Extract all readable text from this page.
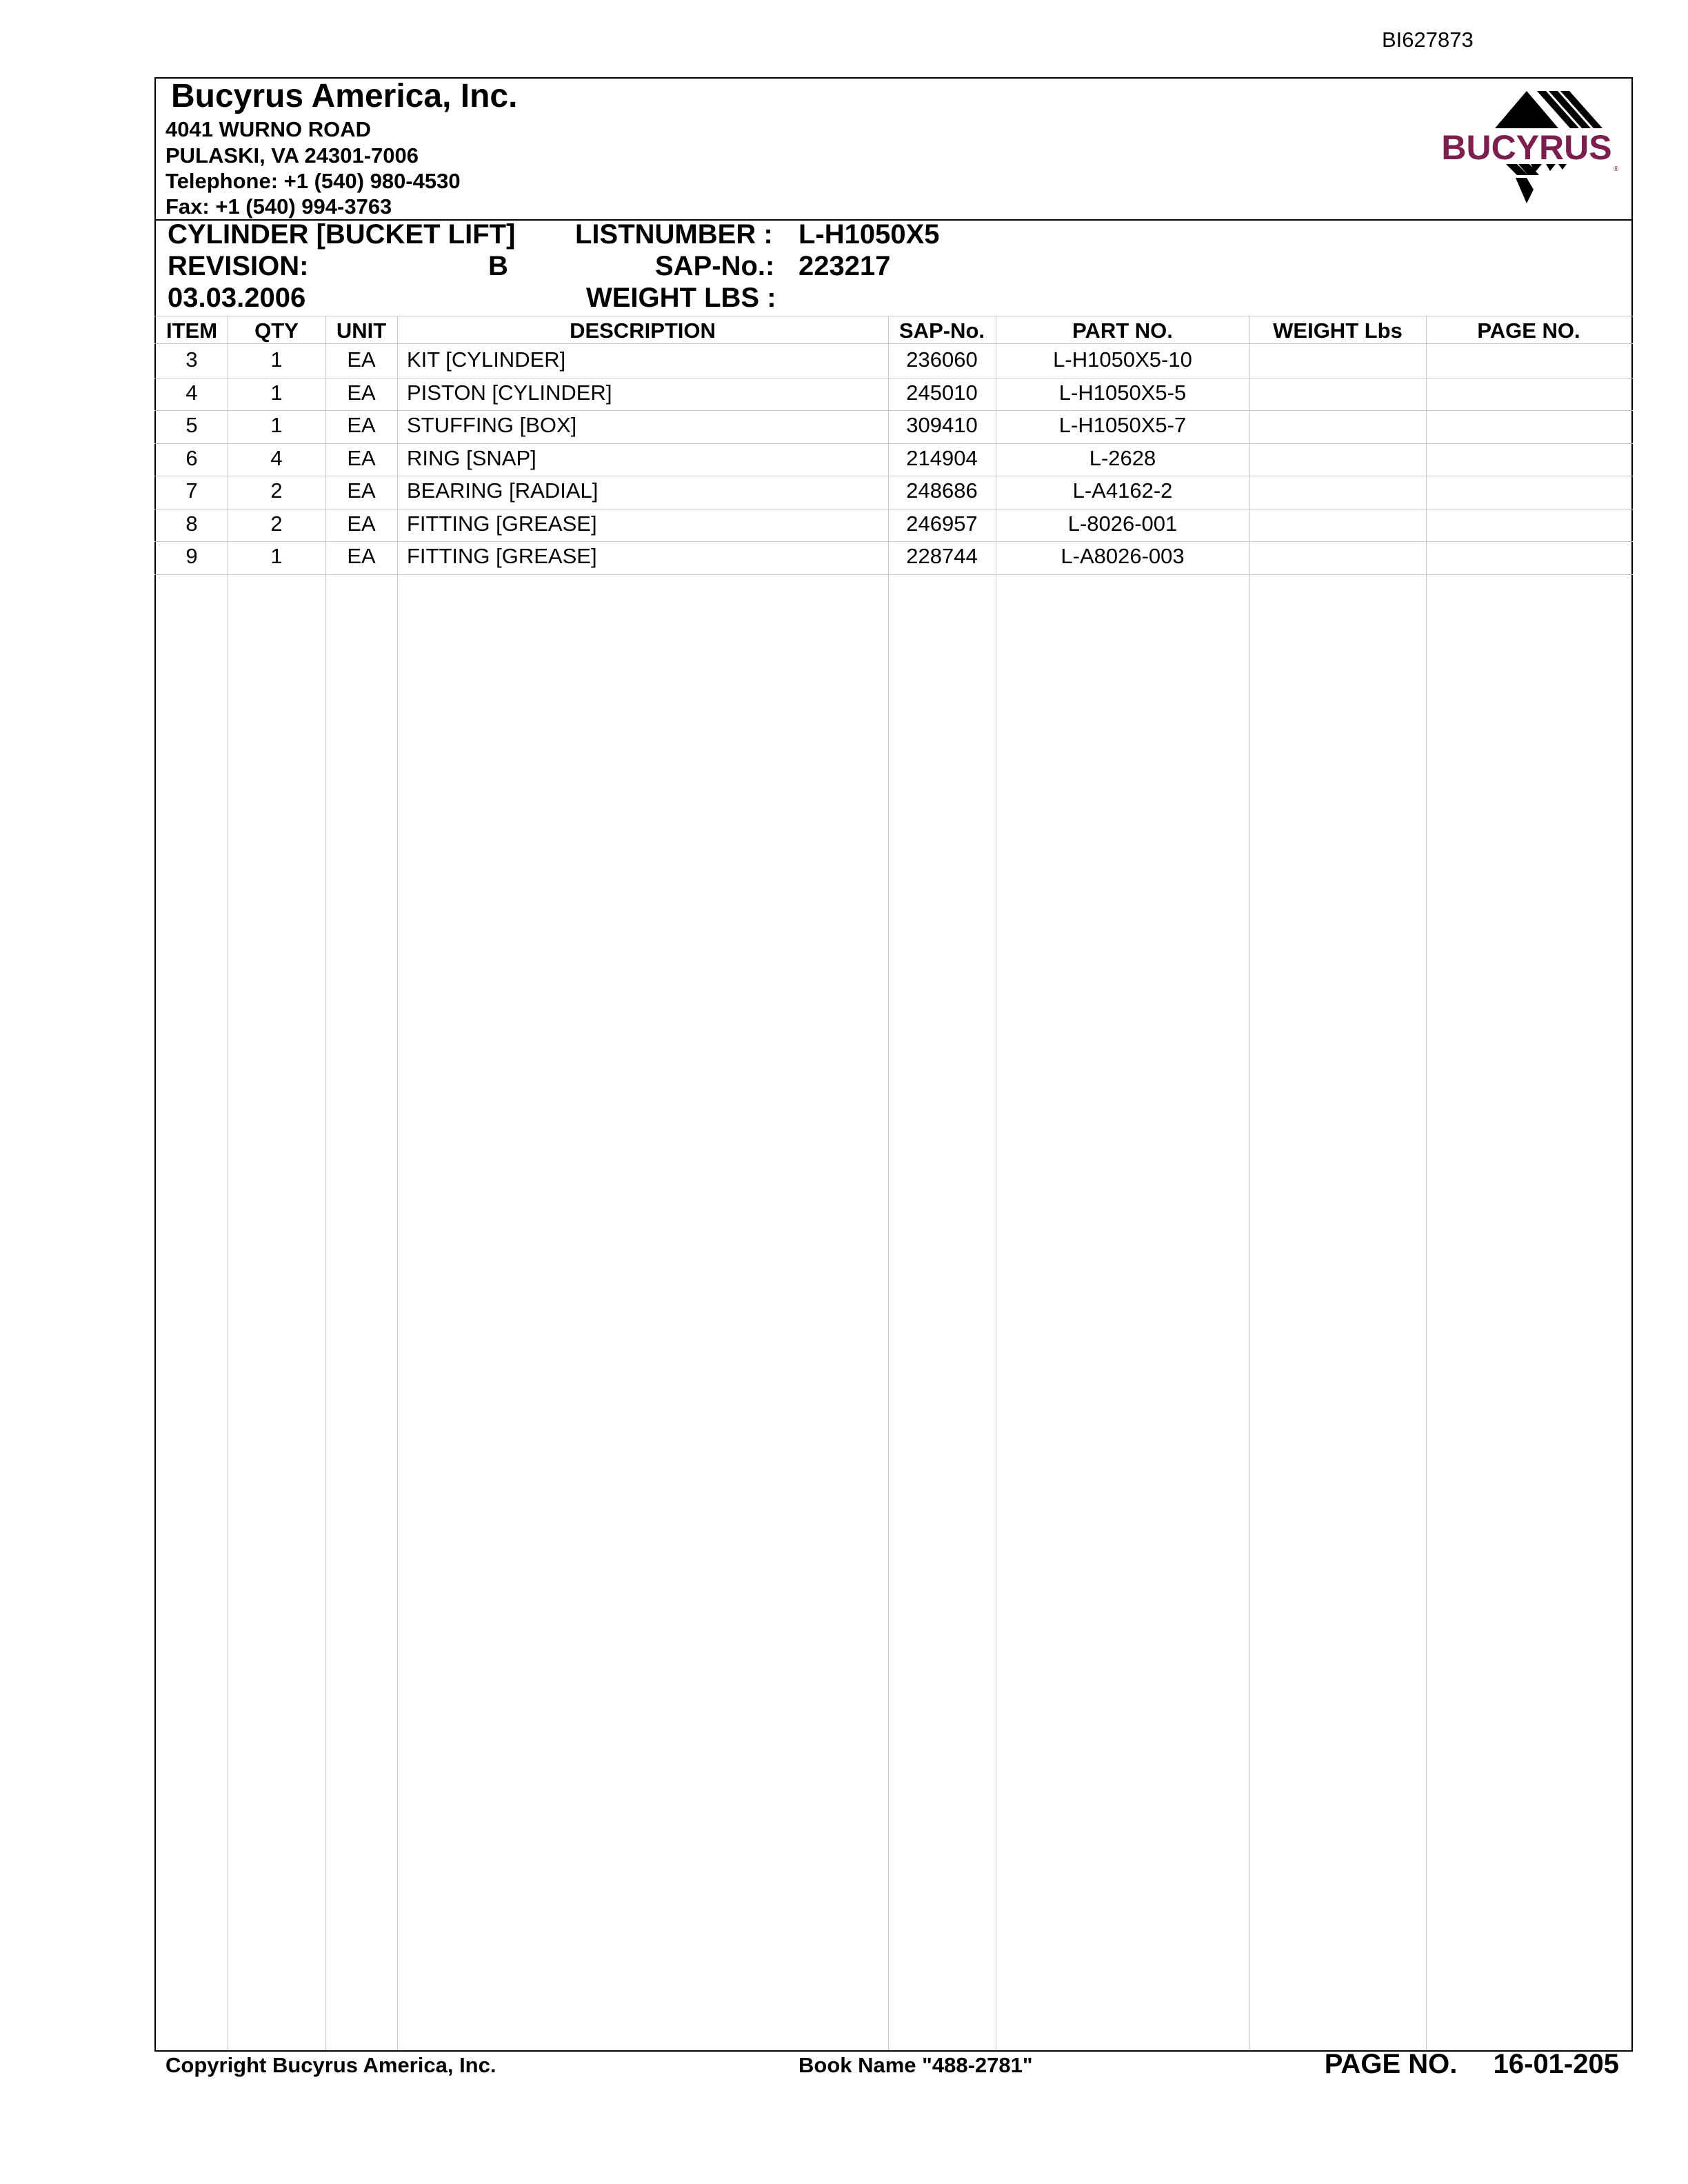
BI627873
Bucyrus America, Inc.
4041 WURNO ROAD
PULASKI, VA 24301-7006
Telephone: +1 (540) 980-4530
Fax: +1 (540) 994-3763
BUCYRUS
®
CYLINDER [BUCKET LIFT]
REVISION:	B
03.03.2006
LISTNUMBER : L-H1050X5
SAP-No.: 223217
WEIGHT LBS :
ITEM	QTY	UNIT	DESCRIPTION	SAP-No.	PART NO.	WEIGHT Lbs	PAGE NO.
3	1	EA	KIT [CYLINDER]	236060	L-H1050X5-10
4	1	EA	PISTON [CYLINDER]	245010	L-H1050X5-5
5	1	EA	STUFFING [BOX]	309410	L-H1050X5-7
6	4	EA	RING [SNAP]	214904	L-2628
7	2	EA	BEARING [RADIAL]	248686	L-A4162-2
8	2	EA	FITTING [GREASE]	246957	L-8026-001
9	1	EA	FITTING [GREASE]	228744	L-A8026-003
Copyright Bucyrus America, Inc.	Book Name "488-2781"	PAGE NO. 16-01-205
